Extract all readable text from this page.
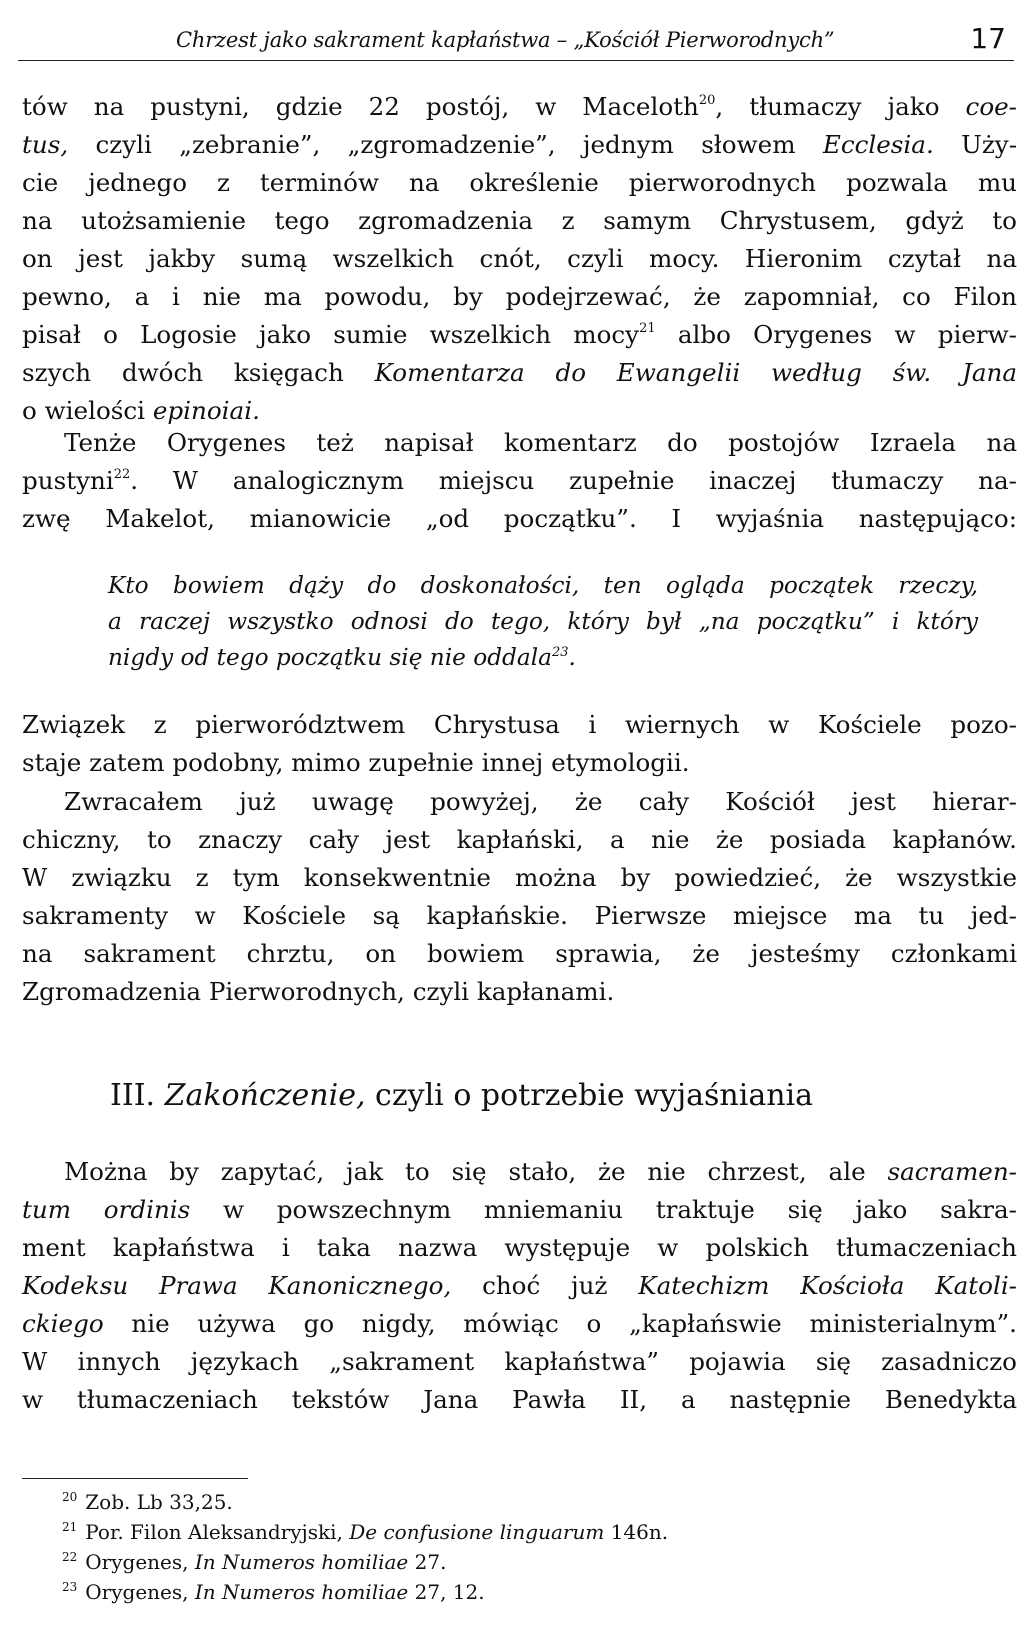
Chrzest jako sakrament kapłaństwa – „Kościół Pierworodnych”	17
tów na pustyni, gdzie 22 postój, w Maceloth$^{20}$, tłumaczy jako coe-
tus, czyli „zebranie”, „zgromadzenie”, jednym słowem Ecclesia. Uży-
cie jednego z terminów na określenie pierworodnych pozwala mu
na utożsamienie tego zgromadzenia z samym Chrystusem, gdyż to
on jest jakby sumą wszelkich cnót, czyli mocy. Hieronim czytał na
pewno, a i nie ma powodu, by podejrzewać, że zapomniał, co Filon
pisał o Logosie jako sumie wszelkich mocy$^{21}$ albo Orygenes w pierw-
szych dwóch księgach Komentarza do Ewangelii według św. Jana
o wielości epinoiai.
Tenże Orygenes też napisał komentarz do postojów Izraela na
pustyni$^{22}$. W analogicznym miejscu zupełnie inaczej tłumaczy na-
zwę Makelot, mianowicie „od początku”. I wyjaśnia następująco:
Kto bowiem dąży do doskonałości, ten ogląda początek rzeczy,
a raczej wszystko odnosi do tego, który był „na początku” i który
nigdy od tego początku się nie oddala$^{23}$.
Związek z pierworództwem Chrystusa i wiernych w Kościele pozo-
staje zatem podobny, mimo zupełnie innej etymologii.
Zwracałem już uwagę powyżej, że cały Kościół jest hierar-
chiczny, to znaczy cały jest kapłański, a nie że posiada kapłanów.
W związku z tym konsekwentnie można by powiedzieć, że wszystkie
sakramenty w Kościele są kapłańskie. Pierwsze miejsce ma tu jed-
na sakrament chrztu, on bowiem sprawia, że jesteśmy członkami
Zgromadzenia Pierworodnych, czyli kapłanami.
III. Zakończenie, czyli o potrzebie wyjaśniania
Można by zapytać, jak to się stało, że nie chrzest, ale sacramen-
tum ordinis w powszechnym mniemaniu traktuje się jako sakra-
ment kapłaństwa i taka nazwa występuje w polskich tłumaczeniach
Kodeksu Prawa Kanonicznego, choć już Katechizm Kościoła Katoli-
ckiego nie używa go nigdy, mówiąc o „kapłańswie ministerialnym”.
W innych językach „sakrament kapłaństwa” pojawia się zasadniczo
w tłumaczeniach tekstów Jana Pawła II, a następnie Benedykta
$^{20}$ Zob. Lb 33,25.
$^{21}$ Por. Filon Aleksandryjski, De confusione linguarum 146n.
$^{22}$ Orygenes, In Numeros homiliae 27.
$^{23}$ Orygenes, In Numeros homiliae 27, 12.
